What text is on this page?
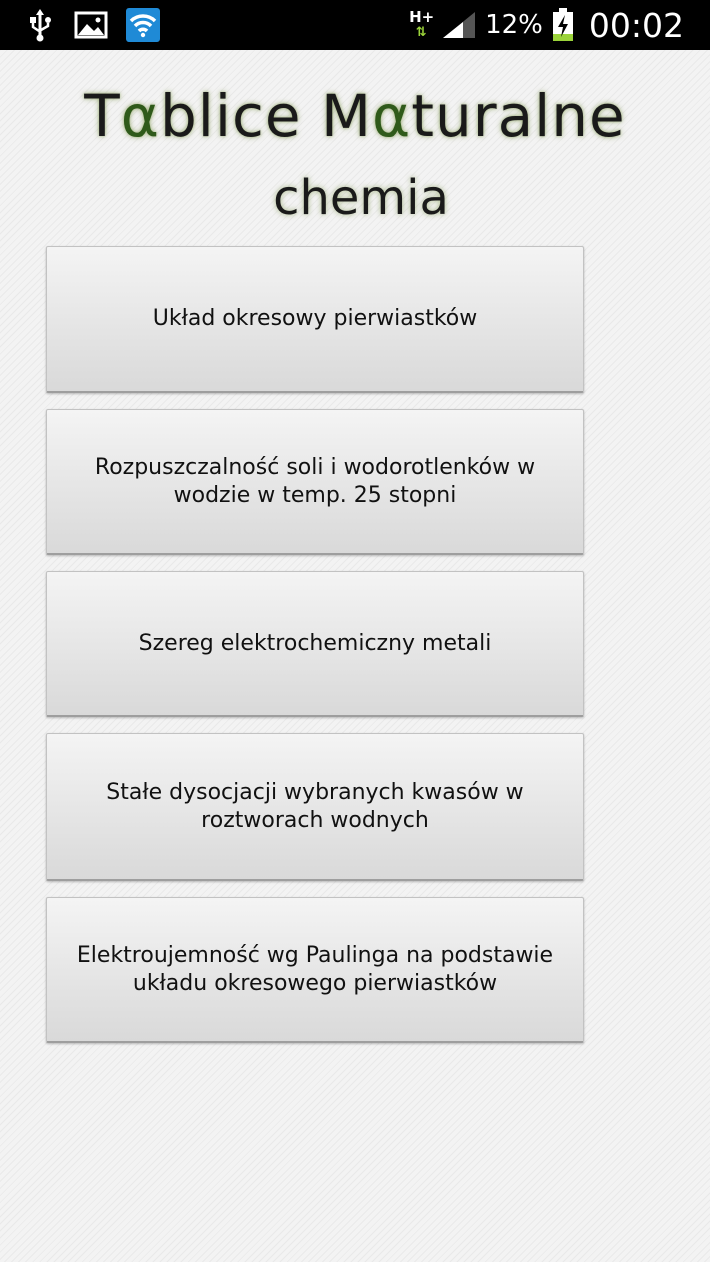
H+
⇅ 12% 00:02
Tαblice Mαturalne
chemia
Układ okresowy pierwiastków
Rozpuszczalność soli i wodorotlenków w wodzie w temp. 25 stopni
Szereg elektrochemiczny metali
Stałe dysocjacji wybranych kwasów w roztworach wodnych
Elektroujemność wg Paulinga na podstawie układu okresowego pierwiastków
